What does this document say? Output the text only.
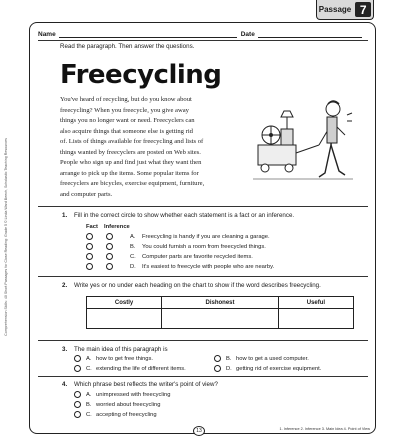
Comprehension Skills: 40 Short Passages for Close Reading: Grade 5 © Linda Ward Beech, Scholastic Teaching Resources
Passage 7
Name	Date
Read the paragraph. Then answer the questions.
Freecycling
You've heard of recycling, but do you know about
freecycling? When you freecycle, you give away
things you no longer want or need. Freecyclers can
also acquire things that someone else is getting rid
of. Lists of things available for freecycling and lists of
things wanted by freecyclers are posted on Web sites.
People who sign up and find just what they want then
arrange to pick up the items. Some popular items for
freecyclers are bicycles, exercise equipment, furniture,
and computer parts.
1. Fill in the correct circle to show whether each statement is a fact or an inference.
Fact Inference
A.	Freecycling is handy if you are cleaning a garage.
B.	You could furnish a room from freecycled things.
C.	Computer parts are favorite recycled items.
D.	It's easiest to freecycle with people who are nearby.
2. Write yes or no under each heading on the chart to show if the word describes freecycling.
Costly	Dishonest	Useful

3. The main idea of this paragraph is
A. how to get free things.	B. how to get a used computer.
C. extending the life of different items.	D. getting rid of exercise equipment.
4. Which phrase best reflects the writer's point of view?
A. unimpressed with freecycling
B. worried about freecycling
C. accepting of freecycling
13	1. Inference 2. Inference 3. Main Idea 4. Point of View
